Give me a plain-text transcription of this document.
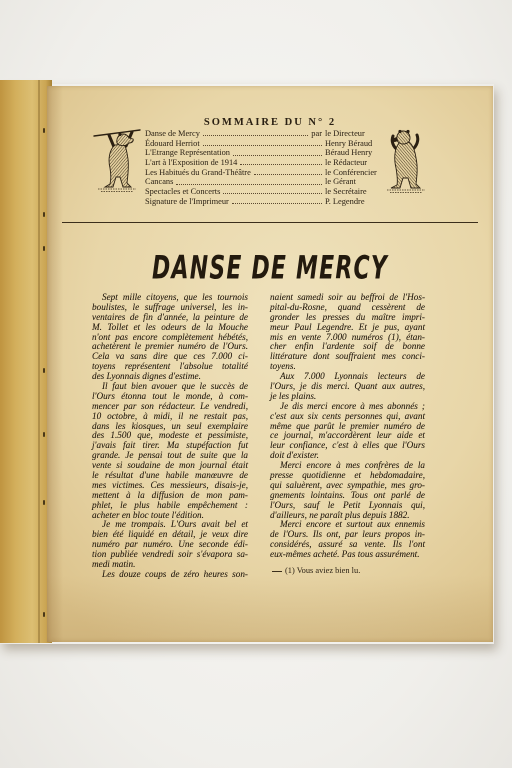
SOMMAIRE DU N° 2
Danse de Mercy	par le Directeur
Édouard Herriot	Henry Béraud
L'Etrange Représentation	Béraud Henry
L'art à l'Exposition de 1914	le Rédacteur
Les Habitués du Grand-Théâtre	le Conférencier
Cancans	le Gérant
Spectacles et Concerts	le Secrétaire
Signature de l'Imprimeur	P. Legendre
DANSE DE MERCY
Sept mille citoyens, que les tournois
boulistes, le suffrage universel, les in-
ventaires de fin d'année, la peinture de
M. Tollet et les odeurs de la Mouche
n'ont pas encore complètement hébétés,
achetèrent le premier numéro de l'Ours.
Cela va sans dire que ces 7.000 ci-
toyens représentent l'absolue totalité
des Lyonnais dignes d'estime.
Il faut bien avouer que le succès de
l'Ours étonna tout le monde, à com-
mencer par son rédacteur. Le vendredi,
10 octobre, à midi, il ne restait pas,
dans les kiosques, un seul exemplaire
des 1.500 que, modeste et pessimiste,
j'avais fait tirer. Ma stupéfaction fut
grande. Je pensai tout de suite que la
vente si soudaine de mon journal était
le résultat d'une habile manœuvre de
mes victimes. Ces messieurs, disais-je,
mettent à la diffusion de mon pam-
phlet, le plus habile empêchement :
acheter en bloc toute l'édition.
Je me trompais. L'Ours avait bel et
bien été liquidé en détail, je veux dire
numéro par numéro. Une seconde édi-
tion publiée vendredi soir s'évapora sa-
medi matin.
Les douze coups de zéro heures son-
naient samedi soir au beffroi de l'Hos-
pital-du-Rosne, quand cessèrent de
gronder les presses du maître impri-
meur Paul Legendre. Et je pus, ayant
mis en vente 7.000 numéros (1), étan-
cher enfin l'ardente soif de bonne
littérature dont souffraient mes conci-
toyens.
Aux 7.000 Lyonnais lecteurs de
l'Ours, je dis merci. Quant aux autres,
je les plains.
Je dis merci encore à mes abonnés ;
c'est aux six cents personnes qui, avant
même que parût le premier numéro de
ce journal, m'accordèrent leur aide et
leur confiance, c'est à elles que l'Ours
doit d'exister.
Merci encore à mes confrères de la
presse quotidienne et hebdomadaire,
qui saluèrent, avec sympathie, mes gro-
gnements lointains. Tous ont parlé de
l'Ours, sauf le Petit Lyonnais qui,
d'ailleurs, ne paraît plus depuis 1882.
Merci encore et surtout aux ennemis
de l'Ours. Ils ont, par leurs propos in-
considérés, assuré sa vente. Ils l'ont
eux-mêmes acheté. Pas tous assurément.
(1) Vous aviez bien lu.
